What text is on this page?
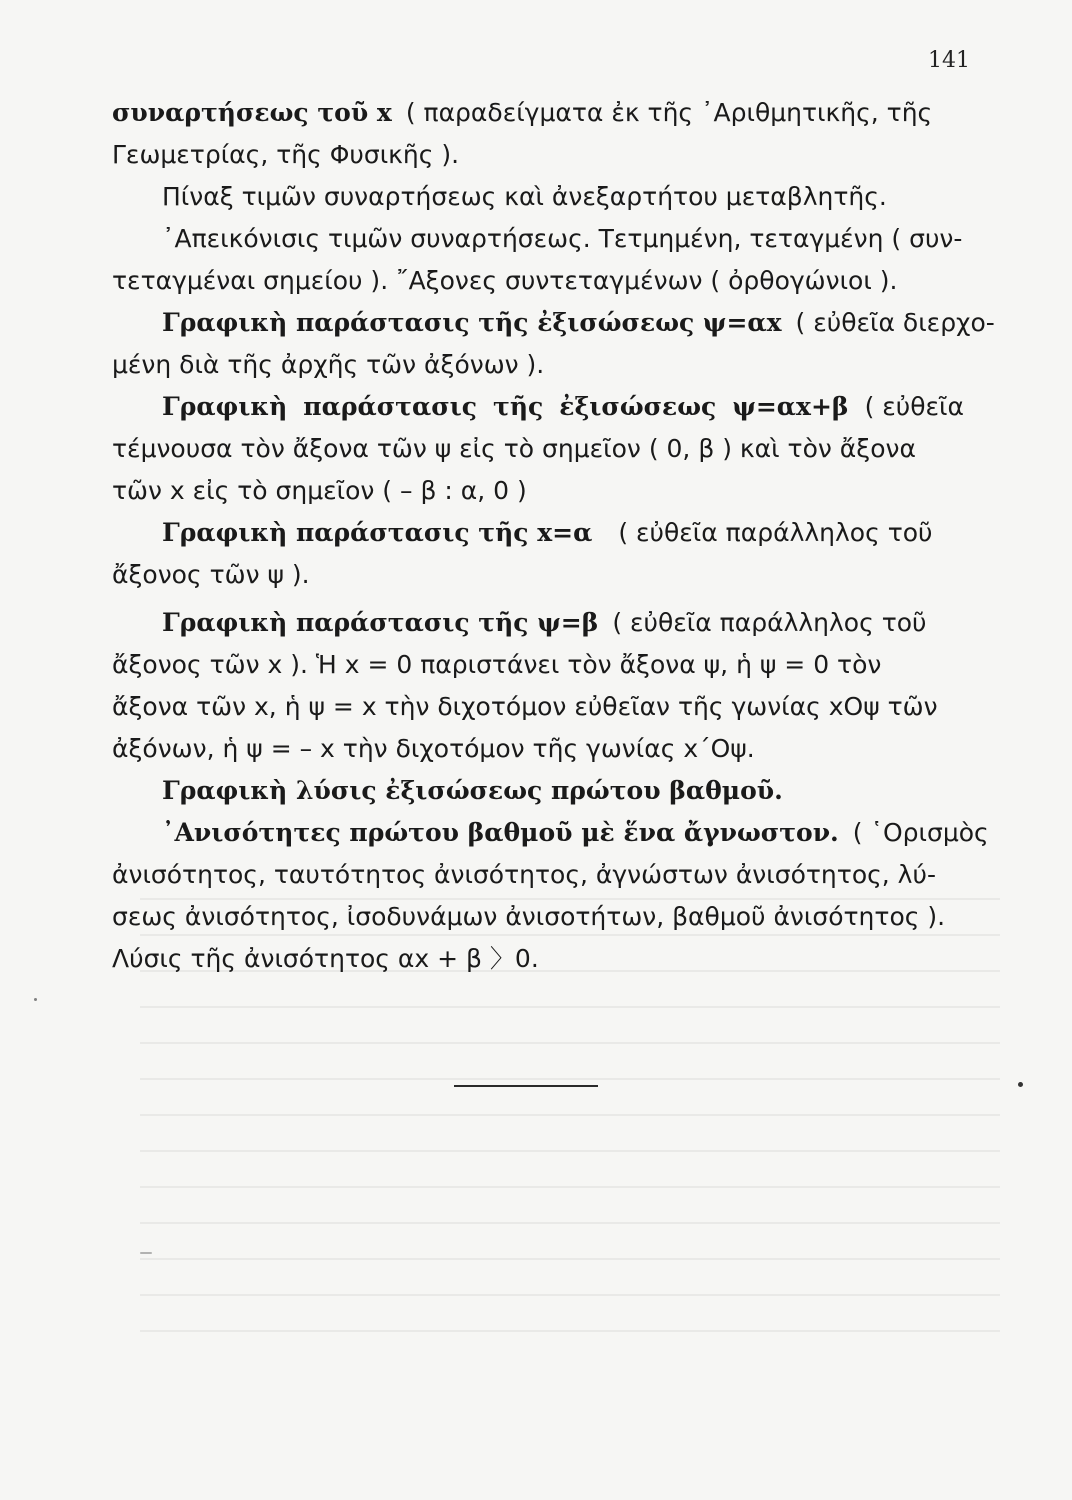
141
συναρτήσεως τοῦ x ( παραδείγματα ἐκ τῆς ᾽Αριθμητικῆς, τῆς
Γεωμετρίας, τῆς Φυσικῆς ).
Πίναξ τιμῶν συναρτήσεως καὶ ἀνεξαρτήτου μεταβλητῆς.
᾽Απεικόνισις τιμῶν συναρτήσεως. Τετμημένη, τεταγμένη ( συν-
τεταγμέναι σημείου ). ῎Αξονες συντεταγμένων ( ὀρθογώνιοι ).
Γραφικὴ παράστασις τῆς ἐξισώσεως ψ=αx ( εὐθεῖα διερχο-
μένη διὰ τῆς ἀρχῆς τῶν ἀξόνων ).
Γραφικὴ παράστασις τῆς ἐξισώσεως ψ=αx+β ( εὐθεῖα
τέμνουσα τὸν ἄξονα τῶν ψ εἰς τὸ σημεῖον ( 0, β ) καὶ τὸν ἄξονα
τῶν x εἰς τὸ σημεῖον ( – β : α, 0 )
Γραφικὴ παράστασις τῆς x=α ( εὐθεῖα παράλληλος τοῦ
ἄξονος τῶν ψ ).
Γραφικὴ παράστασις τῆς ψ=β ( εὐθεῖα παράλληλος τοῦ
ἄξονος τῶν x ). Ἡ x = 0 παριστάνει τὸν ἄξονα ψ, ἡ ψ = 0 τὸν
ἄξονα τῶν x, ἡ ψ = x τὴν διχοτόμον εὐθεῖαν τῆς γωνίας xOψ τῶν
ἀξόνων, ἡ ψ = – x τὴν διχοτόμον τῆς γωνίας x΄Oψ.
Γραφικὴ λύσις ἐξισώσεως πρώτου βαθμοῦ.
᾽Ανισότητες πρώτου βαθμοῦ μὲ ἕνα ἄγνωστον. ( ῾Ορισμὸς
ἀνισότητος, ταυτότητος ἀνισότητος, ἀγνώστων ἀνισότητος, λύ-
σεως ἀνισότητος, ἰσοδυνάμων ἀνισοτήτων, βαθμοῦ ἀνισότητος ).
Λύσις τῆς ἀνισότητος αx + β 〉0.
